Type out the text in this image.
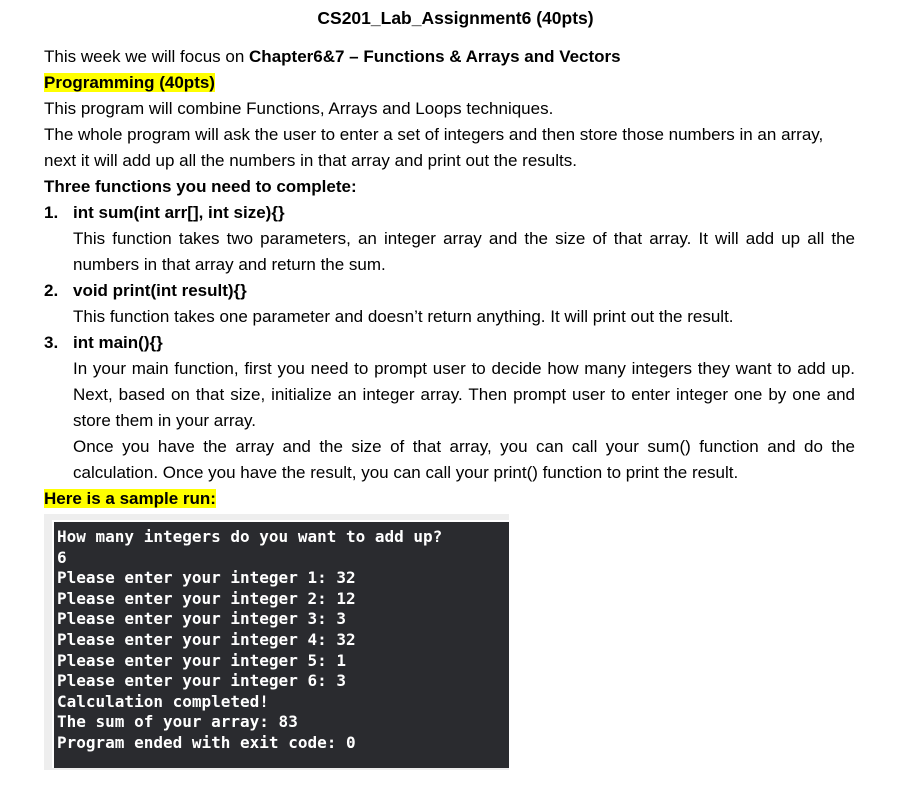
CS201_Lab_Assignment6 (40pts)
This week we will focus on Chapter6&7 – Functions & Arrays and Vectors
Programming (40pts)
This program will combine Functions, Arrays and Loops techniques.
The whole program will ask the user to enter a set of integers and then store those numbers in an array,
next it will add up all the numbers in that array and print out the results.
Three functions you need to complete:
1. int sum(int arr[], int size){}

This function takes two parameters, an integer array and the size of that array. It will add up all the numbers in that array and return the sum.

2. void print(int result){}

This function takes one parameter and doesn’t return anything. It will print out the result.

3. int main(){}

In your main function, first you need to prompt user to decide how many integers they want to add up. Next, based on that size, initialize an integer array. Then prompt user to enter integer one by one and store them in your array.

Once you have the array and the size of that array, you can call your sum() function and do the calculation. Once you have the result, you can call your print() function to print the result.

Here is a sample run:
How many integers do you want to add up?
6
Please enter your integer 1: 32
Please enter your integer 2: 12
Please enter your integer 3: 3
Please enter your integer 4: 32
Please enter your integer 5: 1
Please enter your integer 6: 3
Calculation completed!
The sum of your array: 83
Program ended with exit code: 0
